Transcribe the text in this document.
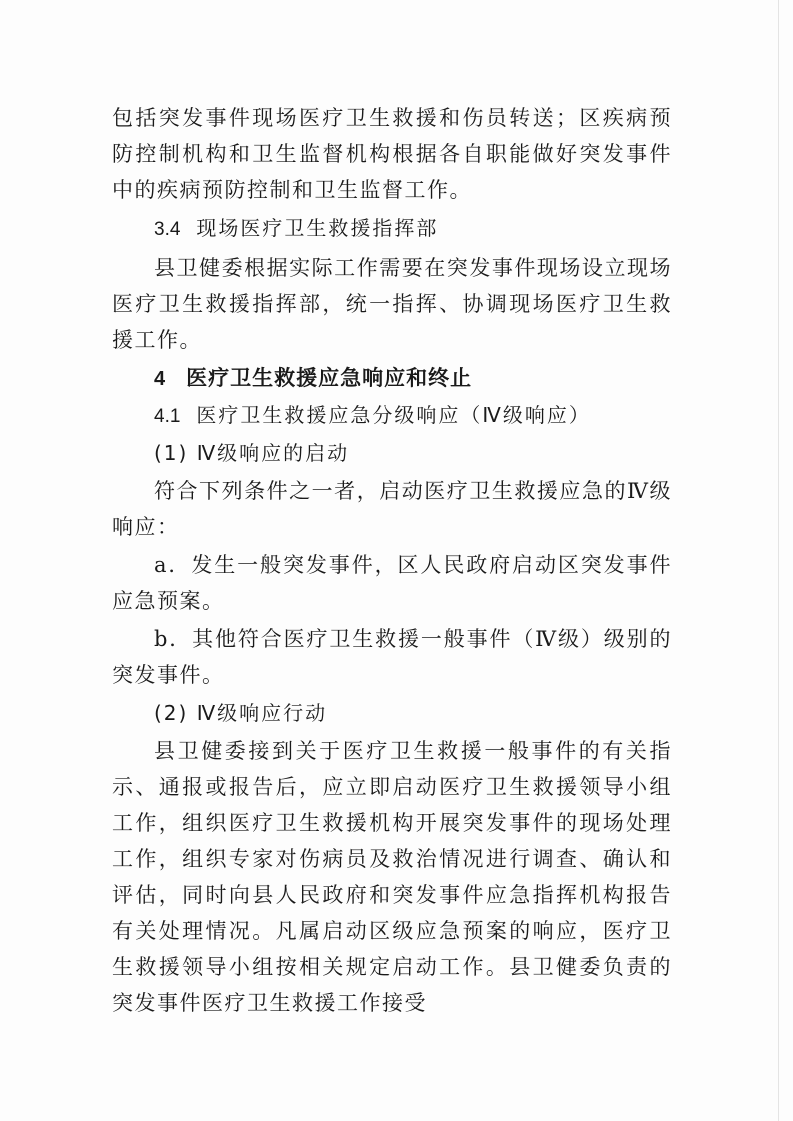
包括突发事件现场医疗卫生救援和伤员转送；区疾病预防控制机构和卫生监督机构根据各自职能做好突发事件中的疾病预防控制和卫生监督工作。

3.4 现场医疗卫生救援指挥部

县卫健委根据实际工作需要在突发事件现场设立现场医疗卫生救援指挥部，统一指挥、协调现场医疗卫生救援工作。

4 医疗卫生救援应急响应和终止

4.1 医疗卫生救援应急分级响应（Ⅳ级响应）

(1) Ⅳ级响应的启动

符合下列条件之一者，启动医疗卫生救援应急的Ⅳ级响应：

a．发生一般突发事件，区人民政府启动区突发事件应急预案。

b．其他符合医疗卫生救援一般事件（Ⅳ级）级别的突发事件。

(2) Ⅳ级响应行动

县卫健委接到关于医疗卫生救援一般事件的有关指示、通报或报告后，应立即启动医疗卫生救援领导小组工作，组织医疗卫生救援机构开展突发事件的现场处理工作，组织专家对伤病员及救治情况进行调查、确认和评估，同时向县人民政府和突发事件应急指挥机构报告有关处理情况。凡属启动区级应急预案的响应，医疗卫生救援领导小组按相关规定启动工作。县卫健委负责的突发事件医疗卫生救援工作接受
